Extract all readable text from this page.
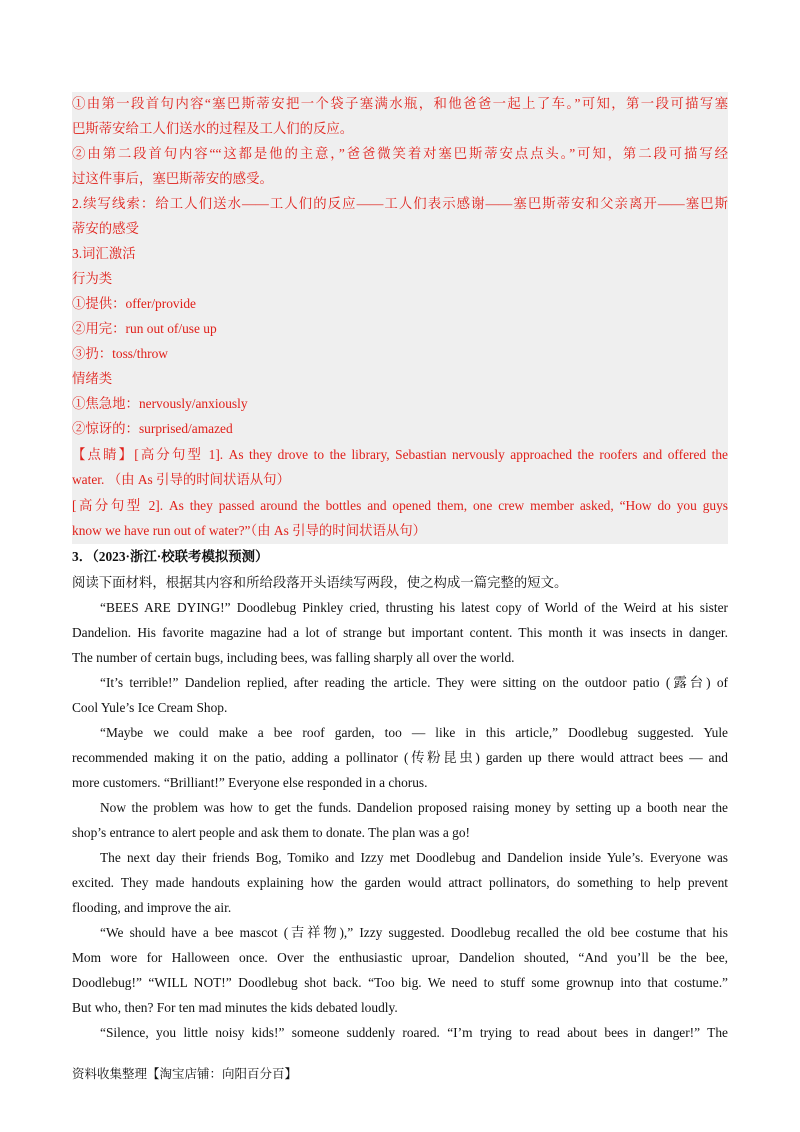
①由第一段首句内容“塞巴斯蒂安把一个袋子塞满水瓶，和他爸爸一起上了车。”可知，第一段可描写塞
巴斯蒂安给工人们送水的过程及工人们的反应。
②由第二段首句内容““这都是他的主意，”爸爸微笑着对塞巴斯蒂安点点头。”可知，第二段可描写经
过这件事后，塞巴斯蒂安的感受。
2.续写线索：给工人们送水——工人们的反应——工人们表示感谢——塞巴斯蒂安和父亲离开——塞巴斯
蒂安的感受
3.词汇激活
行为类
①提供：offer/provide
②用完：run out of/use up
③扔：toss/throw
情绪类
①焦急地：nervously/anxiously
②惊讶的：surprised/amazed
【点睛】[高分句型 1]. As they drove to the library, Sebastian nervously approached the roofers and offered the
water. （由 As 引导的时间状语从句）
[高分句型 2]. As they passed around the bottles and opened them, one crew member asked, “How do you guys
know we have run out of water?”（由 As 引导的时间状语从句）
3．（2023·浙江·校联考模拟预测）
阅读下面材料，根据其内容和所给段落开头语续写两段，使之构成一篇完整的短文。
“BEES ARE DYING!” Doodlebug Pinkley cried, thrusting his latest copy of World of the Weird at his sister
Dandelion. His favorite magazine had a lot of strange but important content. This month it was insects in danger.
The number of certain bugs, including bees, was falling sharply all over the world.
“It’s terrible!” Dandelion replied, after reading the article. They were sitting on the outdoor patio (露台) of
Cool Yule’s Ice Cream Shop.
“Maybe we could make a bee roof garden, too — like in this article,” Doodlebug suggested. Yule
recommended making it on the patio, adding a pollinator (传粉昆虫) garden up there would attract bees — and
more customers. “Brilliant!” Everyone else responded in a chorus.
Now the problem was how to get the funds. Dandelion proposed raising money by setting up a booth near the
shop’s entrance to alert people and ask them to donate. The plan was a go!
The next day their friends Bog, Tomiko and Izzy met Doodlebug and Dandelion inside Yule’s. Everyone was
excited. They made handouts explaining how the garden would attract pollinators, do something to help prevent
flooding, and improve the air.
“We should have a bee mascot (吉祥物),” Izzy suggested. Doodlebug recalled the old bee costume that his
Mom wore for Halloween once. Over the enthusiastic uproar, Dandelion shouted, “And you’ll be the bee,
Doodlebug!” “WILL NOT!” Doodlebug shot back. “Too big. We need to stuff some grownup into that costume.”
But who, then? For ten mad minutes the kids debated loudly.
“Silence, you little noisy kids!” someone suddenly roared. “I’m trying to read about bees in danger!” The
资料收集整理【淘宝店铺：向阳百分百】
